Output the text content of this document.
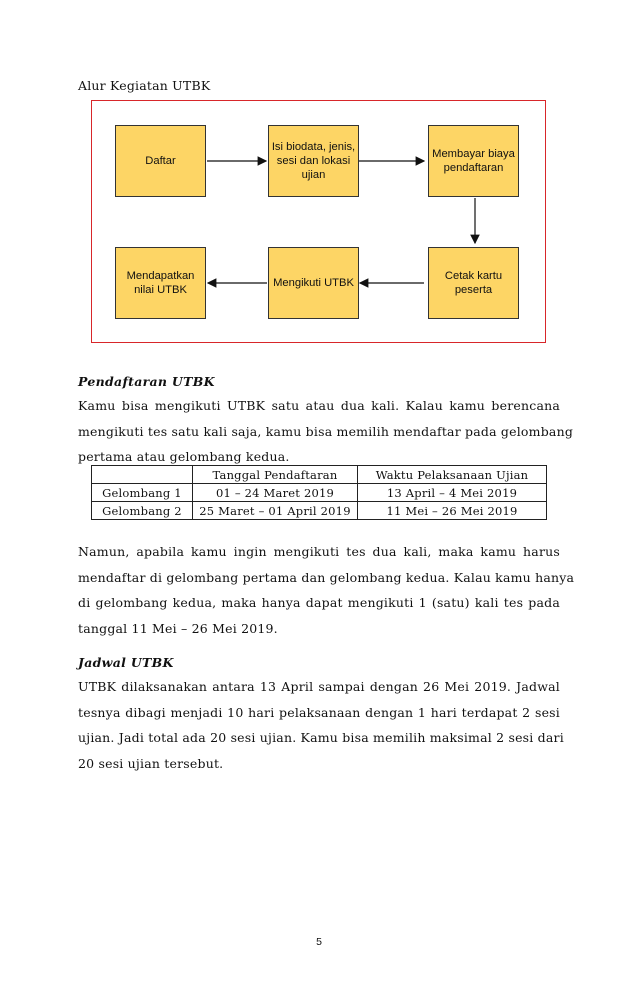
Alur Kegiatan UTBK
Daftar
Isi biodata, jenis, sesi dan lokasi ujian
Membayar biaya pendaftaran
Cetak kartu peserta
Mengikuti UTBK
Mendapatkan nilai UTBK
Pendaftaran UTBK
Kamu bisa mengikuti UTBK satu atau dua kali. Kalau kamu berencana
mengikuti tes satu kali saja, kamu bisa memilih mendaftar pada gelombang
pertama atau gelombang kedua.
	Tanggal Pendaftaran	Waktu Pelaksanaan Ujian
Gelombang 1	01 – 24 Maret 2019	13 April – 4 Mei 2019
Gelombang 2	25 Maret – 01 April 2019	11 Mei – 26 Mei 2019
Namun, apabila kamu ingin mengikuti tes dua kali, maka kamu harus
mendaftar di gelombang pertama dan gelombang kedua. Kalau kamu hanya
di gelombang kedua, maka hanya dapat mengikuti 1 (satu) kali tes pada
tanggal 11 Mei – 26 Mei 2019.
Jadwal UTBK
UTBK dilaksanakan antara 13 April sampai dengan 26 Mei 2019. Jadwal
tesnya dibagi menjadi 10 hari pelaksanaan dengan 1 hari terdapat 2 sesi
ujian. Jadi total ada 20 sesi ujian. Kamu bisa memilih maksimal 2 sesi dari
20 sesi ujian tersebut.
5
